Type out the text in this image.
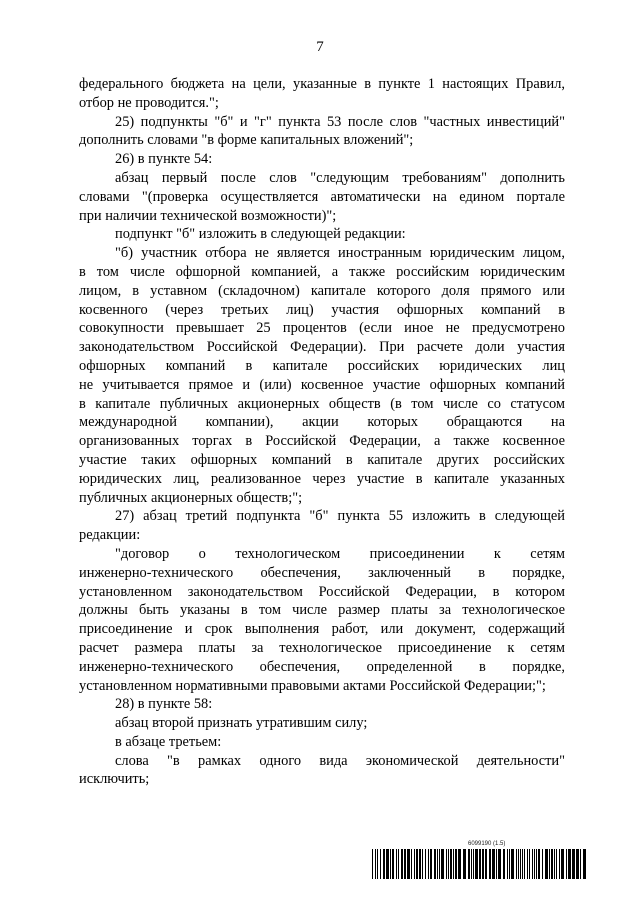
7
федерального бюджета на цели, указанные в пункте 1 настоящих Правил,
отбор не проводится.";
25) подпункты "б" и "г" пункта 53 после слов "частных инвестиций"
дополнить словами "в форме капитальных вложений";
26) в пункте 54:
абзац первый после слов "следующим требованиям" дополнить
словами "(проверка осуществляется автоматически на едином портале
при наличии технической возможности)";
подпункт "б" изложить в следующей редакции:
"б) участник отбора не является иностранным юридическим лицом,
в том числе офшорной компанией, а также российским юридическим
лицом, в уставном (складочном) капитале которого доля прямого или
косвенного (через третьих лиц) участия офшорных компаний в
совокупности превышает 25 процентов (если иное не предусмотрено
законодательством Российской Федерации). При расчете доли участия
офшорных компаний в капитале российских юридических лиц
не учитывается прямое и (или) косвенное участие офшорных компаний
в капитале публичных акционерных обществ (в том числе со статусом
международной компании), акции которых обращаются на
организованных торгах в Российской Федерации, а также косвенное
участие таких офшорных компаний в капитале других российских
юридических лиц, реализованное через участие в капитале указанных
публичных акционерных обществ;";
27) абзац третий подпункта "б" пункта 55 изложить в следующей
редакции:
"договор о технологическом присоединении к сетям
инженерно-технического обеспечения, заключенный в порядке,
установленном законодательством Российской Федерации, в котором
должны быть указаны в том числе размер платы за технологическое
присоединение и срок выполнения работ, или документ, содержащий
расчет размера платы за технологическое присоединение к сетям
инженерно-технического обеспечения, определенной в порядке,
установленном нормативными правовыми актами Российской Федерации;";
28) в пункте 58:
абзац второй признать утратившим силу;
в абзаце третьем:
слова "в рамках одного вида экономической деятельности"
исключить;
6099190 (1.5)
